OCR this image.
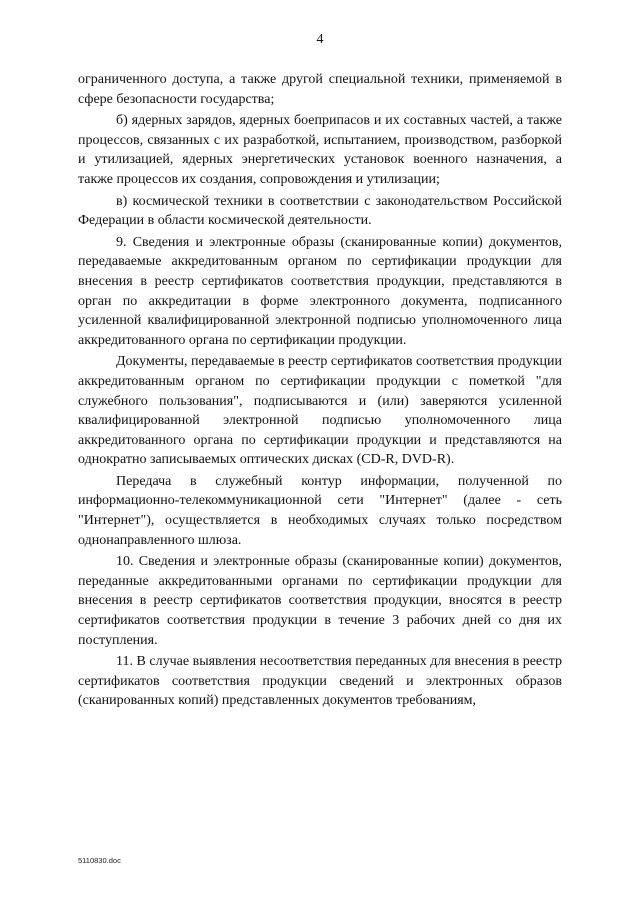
4

ограниченного доступа, а также другой специальной техники, применяемой в сфере безопасности государства;

б) ядерных зарядов, ядерных боеприпасов и их составных частей, а также процессов, связанных с их разработкой, испытанием, производством, разборкой и утилизацией, ядерных энергетических установок военного назначения, а также процессов их создания, сопровождения и утилизации;

в) космической техники в соответствии с законодательством Российской Федерации в области космической деятельности.

9. Сведения и электронные образы (сканированные копии) документов, передаваемые аккредитованным органом по сертификации продукции для внесения в реестр сертификатов соответствия продукции, представляются в орган по аккредитации в форме электронного документа, подписанного усиленной квалифицированной электронной подписью уполномоченного лица аккредитованного органа по сертификации продукции.

Документы, передаваемые в реестр сертификатов соответствия продукции аккредитованным органом по сертификации продукции с пометкой "для служебного пользования", подписываются и (или) заверяются усиленной квалифицированной электронной подписью уполномоченного лица аккредитованного органа по сертификации продукции и представляются на однократно записываемых оптических дисках (CD-R, DVD-R).

Передача в служебный контур информации, полученной по информационно-телекоммуникационной сети "Интернет" (далее - сеть "Интернет"), осуществляется в необходимых случаях только посредством однонаправленного шлюза.

10. Сведения и электронные образы (сканированные копии) документов, переданные аккредитованными органами по сертификации продукции для внесения в реестр сертификатов соответствия продукции, вносятся в реестр сертификатов соответствия продукции в течение 3 рабочих дней со дня их поступления.

11. В случае выявления несоответствия переданных для внесения в реестр сертификатов соответствия продукции сведений и электронных образов (сканированных копий) представленных документов требованиям,

5110830.doc
